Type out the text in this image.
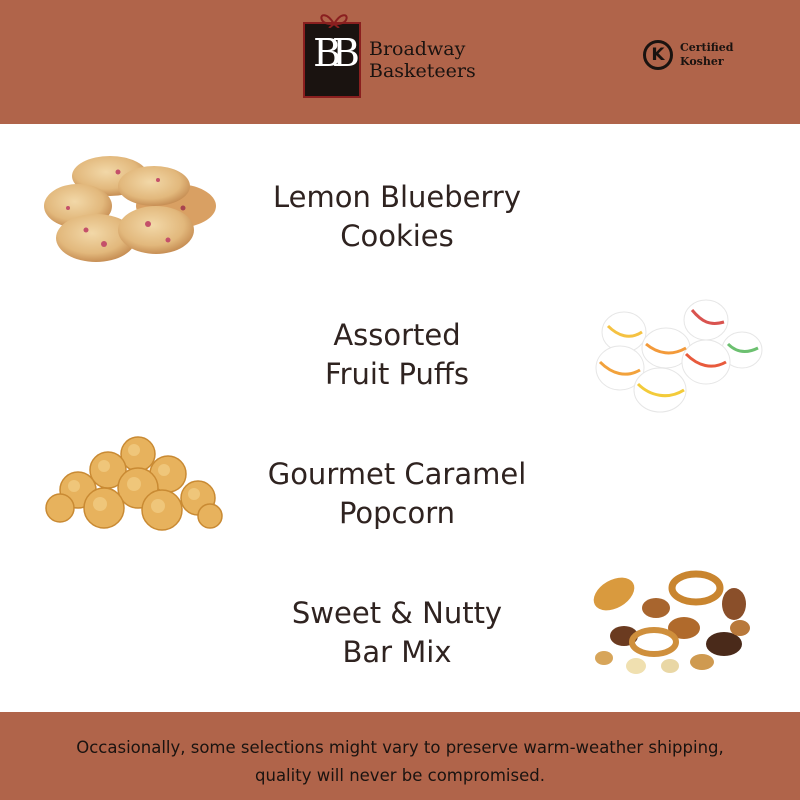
BB Broadway
Basketeers
K	Certified
Kosher
Lemon Blueberry
Cookies
Assorted
Fruit Puffs
Gourmet Caramel
Popcorn
Sweet & Nutty
Bar Mix
Occasionally, some selections might vary to preserve warm-weather shipping,
quality will never be compromised.
